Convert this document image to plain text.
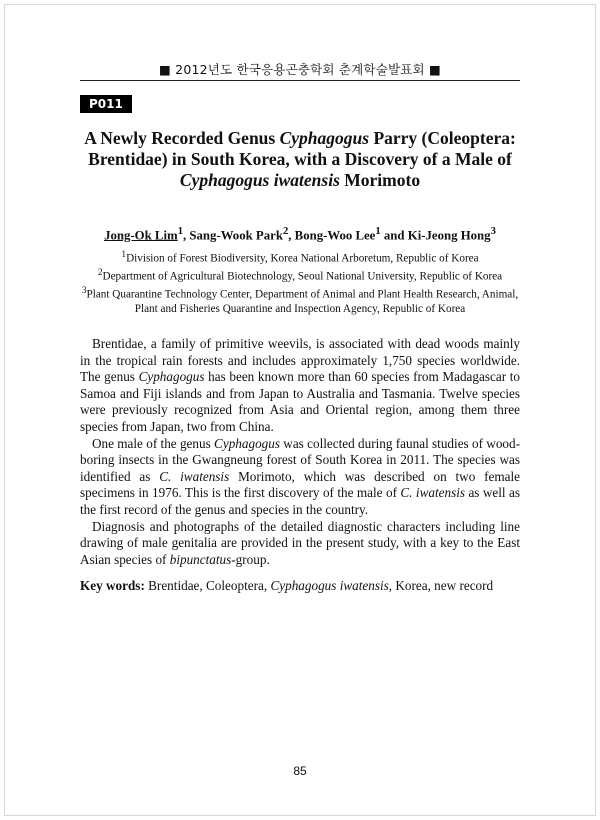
■ 2012년도 한국응용곤충학회 춘계학술발표회 ■
P011
A Newly Recorded Genus Cyphagogus Parry (Coleoptera: Brentidae) in South Korea, with a Discovery of a Male of
Cyphagogus iwatensis Morimoto
Jong-Ok Lim$^1$, Sang-Wook Park$^2$, Bong-Woo Lee$^1$ and Ki-Jeong Hong$^3$
$^1$Division of Forest Biodiversity, Korea National Arboretum, Republic of Korea
$^2$Department of Agricultural Biotechnology, Seoul National University, Republic of Korea
$^3$Plant Quarantine Technology Center, Department of Animal and Plant Health Research, Animal,
Plant and Fisheries Quarantine and Inspection Agency, Republic of Korea

Brentidae, a family of primitive weevils, is associated with dead woods mainly in the tropical rain forests and includes approximately 1,750 species worldwide. The genus Cyphagogus has been known more than 60 species from Madagascar to Samoa and Fiji islands and from Japan to Australia and Tasmania. Twelve species were previously recognized from Asia and Oriental region, among them three species from Japan, two from China.

One male of the genus Cyphagogus was collected during faunal studies of wood-boring insects in the Gwangneung forest of South Korea in 2011. The species was identified as C. iwatensis Morimoto, which was described on two female specimens in 1976. This is the first discovery of the male of C. iwatensis as well as the first record of the genus and species in the country.

Diagnosis and photographs of the detailed diagnostic characters including line drawing of male genitalia are provided in the present study, with a key to the East Asian species of bipunctatus-group.

Key words: Brentidae, Coleoptera, Cyphagogus iwatensis, Korea, new record
85
